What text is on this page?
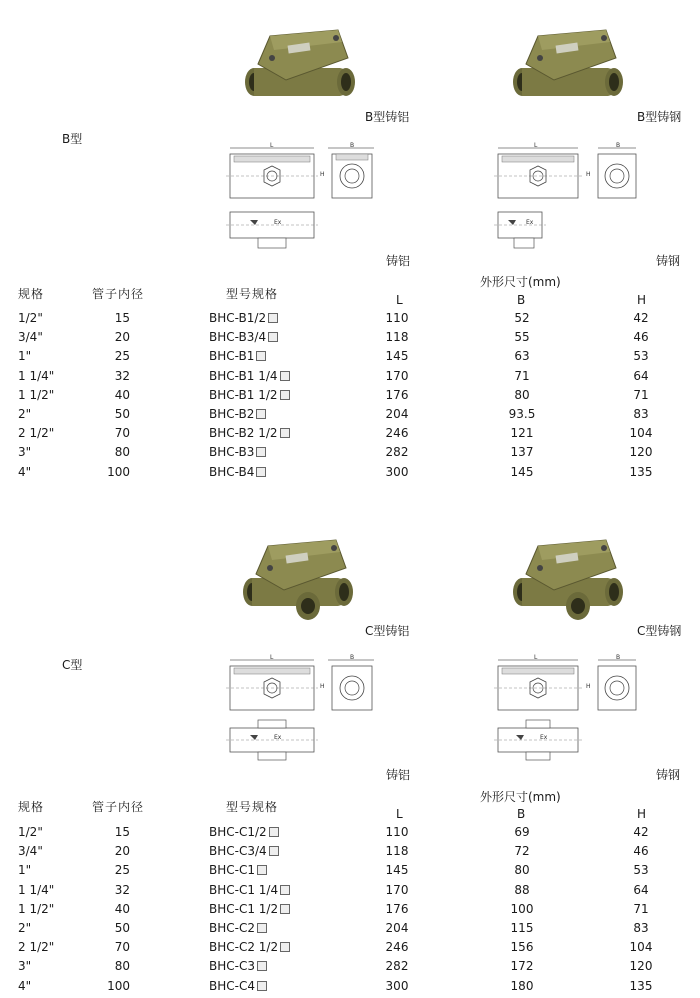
B型铸铝	B型铸钢
B型	L	B
H
Ex
铸铝
L	B
H
Ex
铸钢
外形尺寸(mm)
规格	管子内径	型号规格	L	B	H
1/2"	15	BHC-B1/2	110	52	42
3/4"	20	BHC-B3/4	118	55	46
1"	25	BHC-B1	145	63	53
1 1/4"	32	BHC-B1 1/4	170	71	64
1 1/2"	40	BHC-B1 1/2	176	80	71
2"	50	BHC-B2	204	93.5	83
2 1/2"	70	BHC-B2 1/2	246	121	104
3"	80	BHC-B3	282	137	120
4"	100	BHC-B4	300	145	135
C型铸铝	C型铸钢
C型
L	B
H
Ex
铸铝
L	B
H
Ex
铸钢
外形尺寸(mm)
规格	管子内径	型号规格	L	B	H
1/2"	15	BHC-C1/2	110	69	42
3/4"	20	BHC-C3/4	118	72	46
1"	25	BHC-C1	145	80	53
1 1/4"	32	BHC-C1 1/4	170	88	64
1 1/2"	40	BHC-C1 1/2	176	100	71
2"	50	BHC-C2	204	115	83
2 1/2"	70	BHC-C2 1/2	246	156	104
3"	80	BHC-C3	282	172	120
4"	100	BHC-C4	300	180	135
